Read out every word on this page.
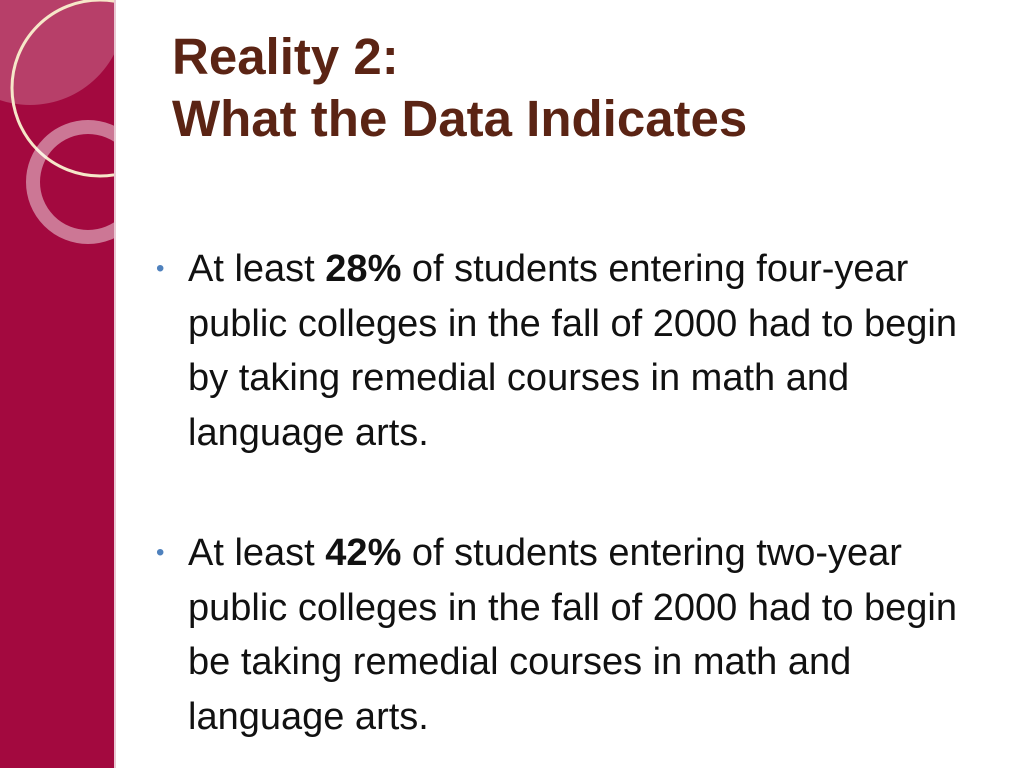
Reality 2:
What the Data Indicates
• At least 28% of students entering four-year public colleges in the fall of 2000 had to begin by taking remedial courses in math and language arts.
• At least 42% of students entering two-year public colleges in the fall of 2000 had to begin be taking remedial courses in math and language arts.
